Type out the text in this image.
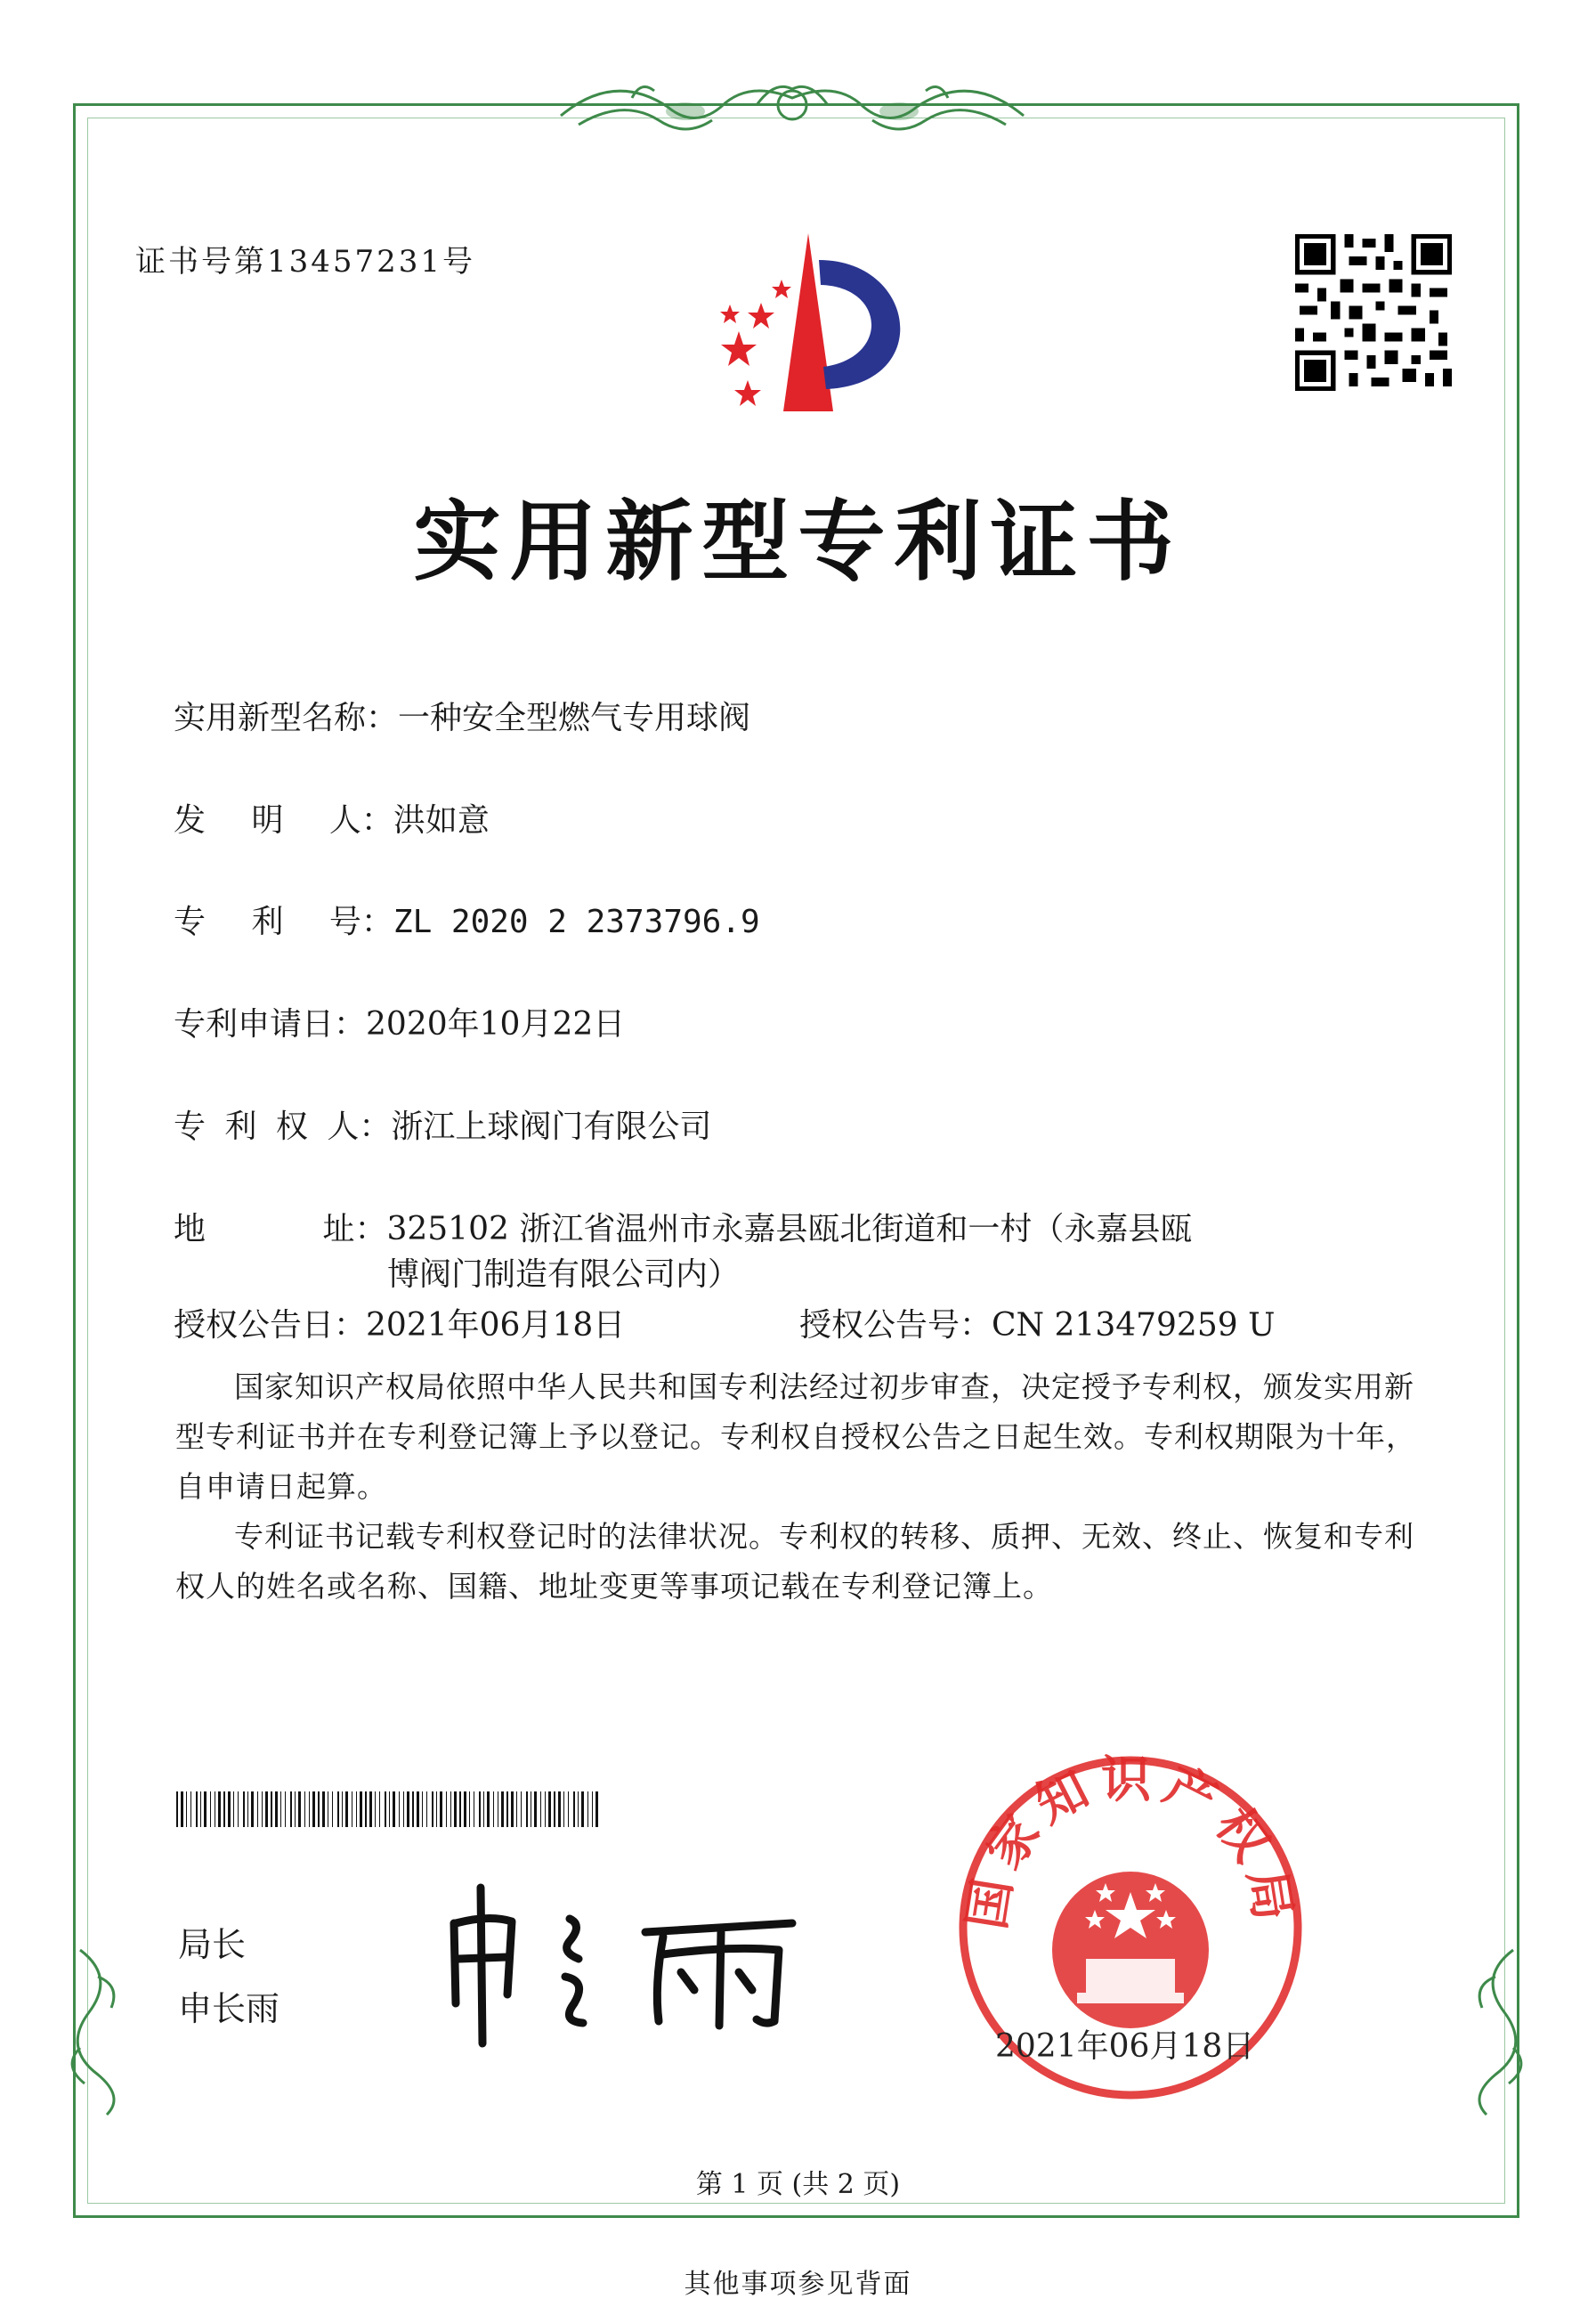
证书号第13457231号
实用新型专利证书
实用新型名称：一种安全型燃气专用球阀
发 明 人：洪如意
专 利 号：ZL 2020 2 2373796.9
专利申请日：2020年10月22日
专 利 权 人：浙江上球阀门有限公司
地 址：325102 浙江省温州市永嘉县瓯北街道和一村（永嘉县瓯
博阀门制造有限公司内）
授权公告日：2021年06月18日	授权公告号：CN 213479259 U

国家知识产权局依照中华人民共和国专利法经过初步审查，决定授予专利权，颁发实用新型专利证书并在专利登记簿上予以登记。专利权自授权公告之日起生效。专利权期限为十年，自申请日起算。

专利证书记载专利权登记时的法律状况。专利权的转移、质押、无效、终止、恢复和专利权人的姓名或名称、国籍、地址变更等事项记载在专利登记簿上。

局长
申长雨
国家知识产权局
2021年06月18日
第 1 页 (共 2 页)
其他事项参见背面
